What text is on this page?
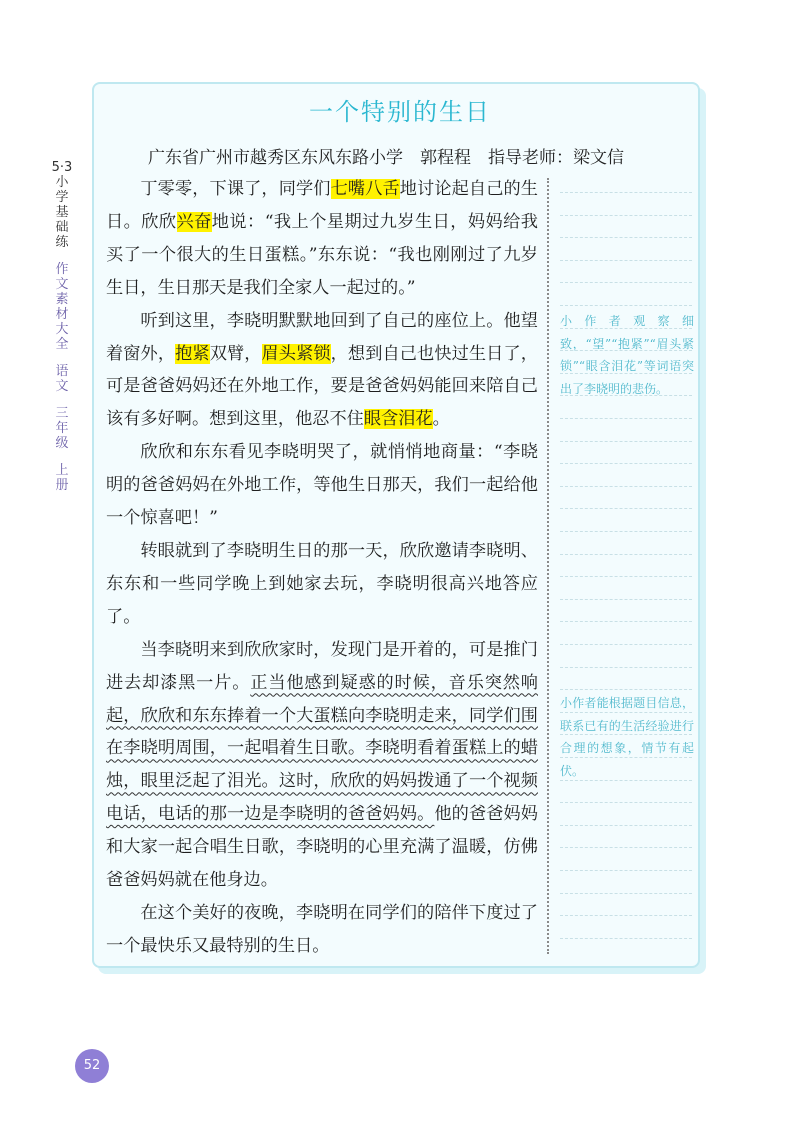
5·3小学基础练
作文素材大全
语文
三年级
上册
一个特别的生日
广东省广州市越秀区东风东路小学　郭程程　指导老师：梁文信

丁零零，下课了，同学们七嘴八舌地讨论起自己的生日。欣欣兴奋地说：“我上个星期过九岁生日，妈妈给我买了一个很大的生日蛋糕。”东东说：“我也刚刚过了九岁生日，生日那天是我们全家人一起过的。”

听到这里，李晓明默默地回到了自己的座位上。他望着窗外，抱紧双臂，眉头紧锁，想到自己也快过生日了，可是爸爸妈妈还在外地工作，要是爸爸妈妈能回来陪自己该有多好啊。想到这里，他忍不住眼含泪花。

欣欣和东东看见李晓明哭了，就悄悄地商量：“李晓明的爸爸妈妈在外地工作，等他生日那天，我们一起给他一个惊喜吧！”

转眼就到了李晓明生日的那一天，欣欣邀请李晓明、东东和一些同学晚上到她家去玩，李晓明很高兴地答应了。

当李晓明来到欣欣家时，发现门是开着的，可是推门进去却漆黑一片。正当他感到疑惑的时候，音乐突然响起，欣欣和东东捧着一个大蛋糕向李晓明走来，同学们围在李晓明周围，一起唱着生日歌。李晓明看着蛋糕上的蜡烛，眼里泛起了泪光。这时，欣欣的妈妈拨通了一个视频电话，电话的那一边是李晓明的爸爸妈妈。他的爸爸妈妈和大家一起合唱生日歌，李晓明的心里充满了温暖，仿佛爸爸妈妈就在他身边。

在这个美好的夜晚，李晓明在同学们的陪伴下度过了一个最快乐又最特别的生日。

小作者观察细致，“望”“抱紧”“眉头紧锁”“眼含泪花”等词语突出了李晓明的悲伤。
小作者能根据题目信息，联系已有的生活经验进行合理的想象，情节有起伏。
52
